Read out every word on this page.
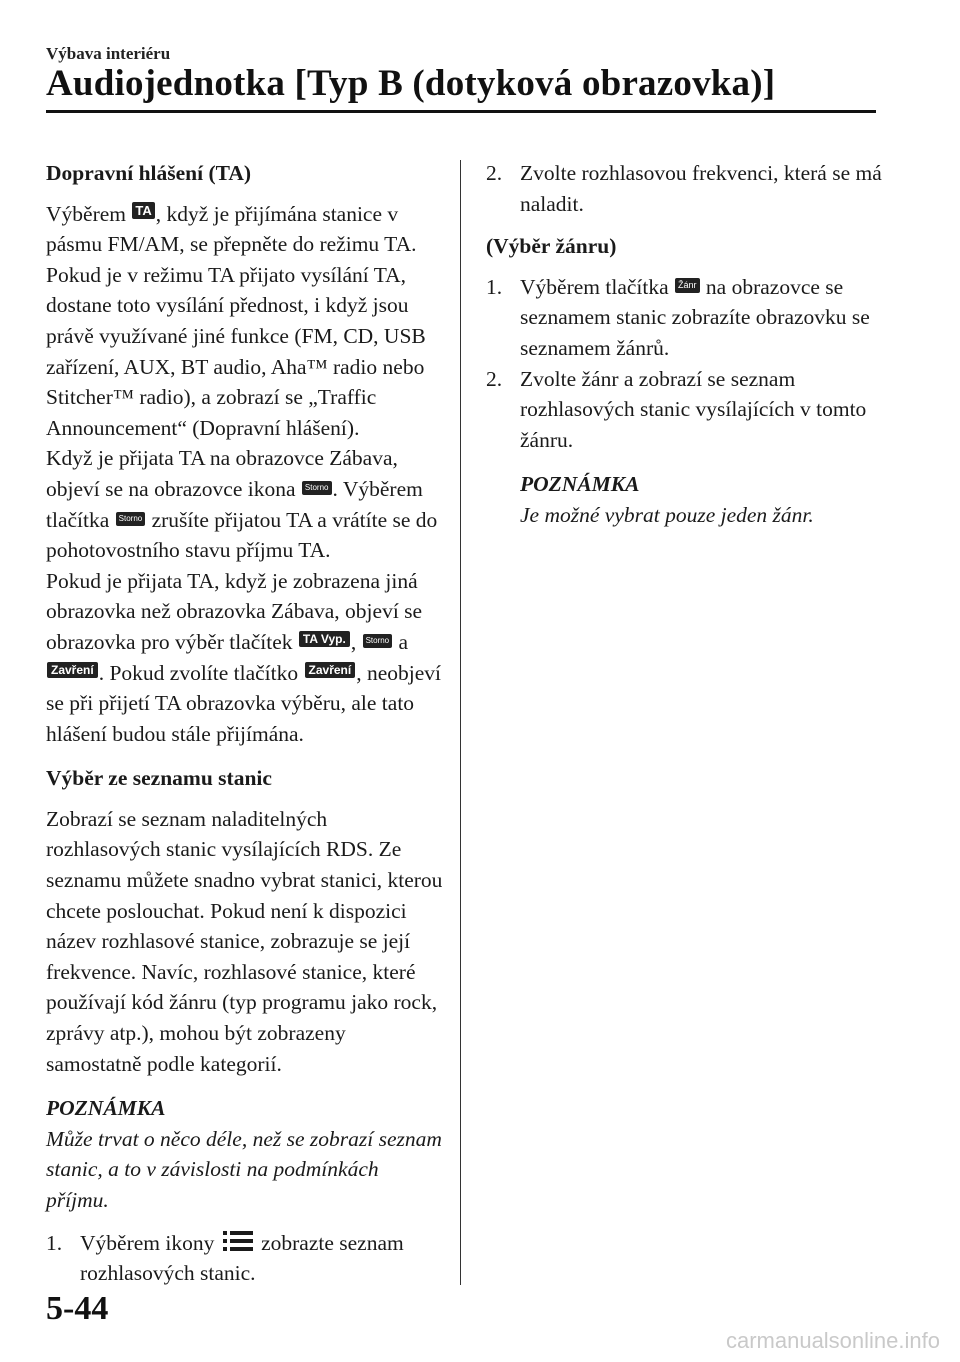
Výbava interiéru
Audiojednotka [Typ B (dotyková obrazovka)]

Dopravní hlášení (TA)

Výběrem TA , když je přijímána stanice v pásmu FM/AM, se přepněte do režimu TA.

Pokud je v režimu TA přijato vysílání TA, dostane toto vysílání přednost, i když jsou právě využívané jiné funkce (FM, CD, USB zařízení, AUX, BT audio, Aha™ radio nebo Stitcher™ radio), a zobrazí se „Traffic Announcement“ (Dopravní hlášení).

Když je přijata TA na obrazovce Zábava, objeví se na obrazovce ikona Storno . Výběrem tlačítka Storno zrušíte přijatou TA a vrátíte se do pohotovostního stavu příjmu TA.

Pokud je přijata TA, když je zobrazena jiná obrazovka než obrazovka Zábava, objeví se obrazovka pro výběr tlačítek TA Vyp. , Storno a Zavření . Pokud zvolíte tlačítko Zavření , neobjeví se při přijetí TA obrazovka výběru, ale tato hlášení budou stále přijímána.

Výběr ze seznamu stanic

Zobrazí se seznam naladitelných rozhlasových stanic vysílajících RDS. Ze seznamu můžete snadno vybrat stanici, kterou chcete poslouchat. Pokud není k dispozici název rozhlasové stanice, zobrazuje se její frekvence. Navíc, rozhlasové stanice, které používají kód žánru (typ programu jako rock, zprávy atp.), mohou být zobrazeny samostatně podle kategorií.

POZNÁMKA

Může trvat o něco déle, než se zobrazí seznam stanic, a to v závislosti na podmínkách příjmu.

1. Výběrem ikony
zobrazte seznam rozhlasových stanic.

2. Zvolte rozhlasovou frekvenci, která se má naladit.

(Výběr žánru)

1. Výběrem tlačítka Žánr na obrazovce se seznamem stanic zobrazíte obrazovku se seznamem žánrů.

2. Zvolte žánr a zobrazí se seznam rozhlasových stanic vysílajících v tomto žánru.

POZNÁMKA

Je možné vybrat pouze jeden žánr.

5-44
carmanualsonline.info
